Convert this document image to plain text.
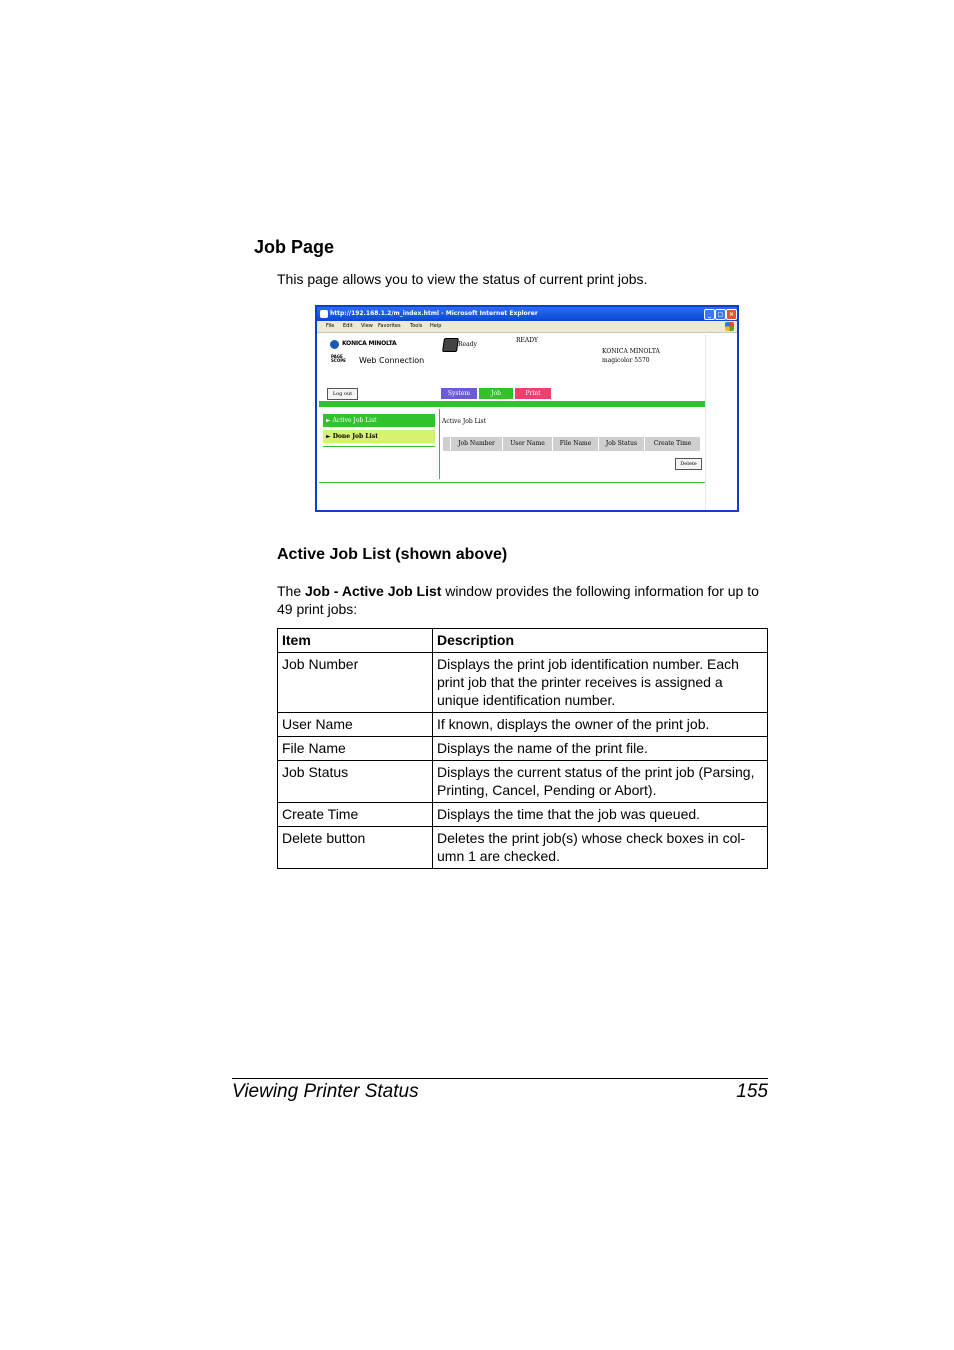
Job Page
This page allows you to view the status of current print jobs.
http://192.168.1.2/m_index.html - Microsoft Internet Explorer	_	□ ×
File Edit View Favorites Tools Help
KONICA MINOLTA
PAGE
SCOPE Web Connection
Ready
READY
KONICA MINOLTA
magicolor 5570
Log out	System	Job	Print
► Active Job List
► Done Job List
Active Job List
Job Number	User Name	File Name	Job Status	Create Time
Delete
Active Job List (shown above)
The Job - Active Job List window provides the following information for up to 49 print jobs:
Item	Description
Job Number	Displays the print job identification number. Each print job that the printer receives is assigned a unique identification number.
User Name	If known, displays the owner of the print job.
File Name	Displays the name of the print file.
Job Status	Displays the current status of the print job (Parsing, Printing, Cancel, Pending or Abort).
Create Time	Displays the time that the job was queued.
Delete button	Deletes the print job(s) whose check boxes in col-umn 1 are checked.
Viewing Printer Status	155
